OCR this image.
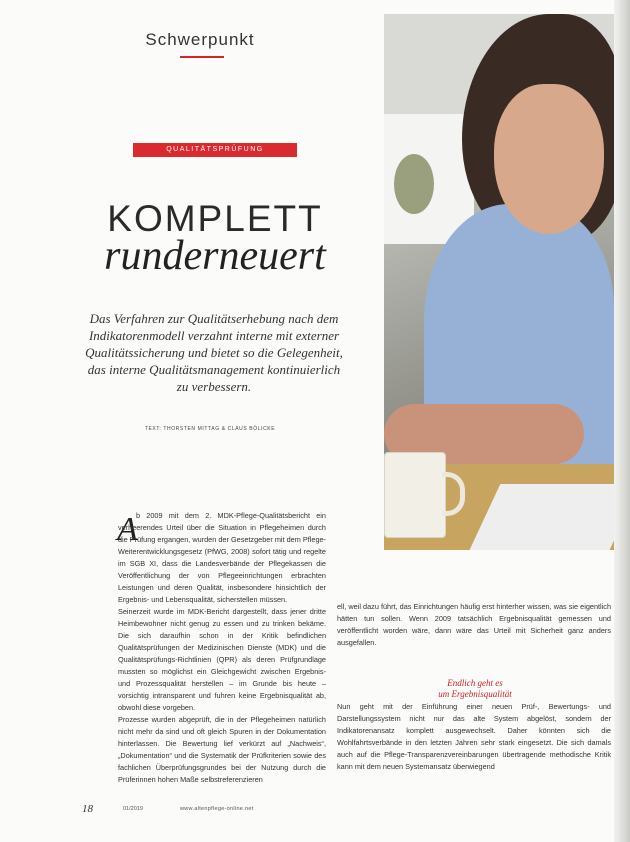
Schwerpunkt
QUALITÄTSPRÜFUNG
KOMPLETT
runderneuert
Das Verfahren zur Qualitätserhebung nach dem Indikatorenmodell verzahnt interne mit externer Qualitätssicherung und bietet so die Gelegenheit, das interne Qualitätsmanagement kontinuierlich zu verbessern.
TEXT: THORSTEN MITTAG & CLAUS BÖLICKE
A

b 2009 mit dem 2. MDK-Pflege-Qualitätsbericht ein verheerendes Urteil über die Situation in Pflegeheimen durch die Prüfung ergangen, wurden der Gesetzgeber mit dem Pflege-Weiterentwicklungsgesetz (PfWG, 2008) sofort tätig und regelte im SGB XI, dass die Landesverbände der Pflegekassen die Veröffentlichung der von Pflegeeinrichtungen erbrachten Leistungen und deren Qualität, insbesondere hinsichtlich der Ergebnis- und Lebensqualität, sicherstellen müssen.

Seinerzeit wurde im MDK-Bericht dargestellt, dass jener dritte Heimbewohner nicht genug zu essen und zu trinken bekäme. Die sich daraufhin schon in der Kritik befindlichen Qualitätsprüfungen der Medizinischen Dienste (MDK) und die Qualitätsprüfungs-Richtlinien (QPR) als deren Prüfgrundlage mussten so möglichst ein Gleichgewicht zwischen Ergebnis- und Prozessqualität herstellen – im Grunde bis heute – vorsichtig intransparent und fuhren keine Ergebnisqualität ab, obwohl diese vorgeben.

Prozesse wurden abgeprüft, die in der Pflegeheimen natürlich nicht mehr da sind und oft gleich Spuren in der Dokumentation hinterlassen. Die Bewertung lief verkürzt auf „Nachweis“, „Dokumentation“ und die Systematik der Prüfkriterien sowie des fachlichen Überprüfungsgrundes bei der Nutzung durch die Prüferinnen hohen Maße selbstreferenzieren

ell, weil dazu führt, das Einrichtungen häufig erst hinterher wissen, was sie eigentlich hätten tun sollen. Wenn 2009 tatsächlich Ergebnisqualität gemessen und veröffentlicht worden wäre, dann wäre das Urteil mit Sicherheit ganz anders ausgefallen.

Endlich geht es
um Ergebnisqualität

Nun geht mit der Einführung einer neuen Prüf-, Bewertungs- und Darstellungssystem nicht nur das alte System abgelöst, sondern der Indikatorenansatz komplett ausgewechselt. Daher könnten sich die Wohlfahrtsverbände in den letzten Jahren sehr stark eingesetzt. Die sich damals auch auf die Pflege-Transparenzvereinbarungen übertragende methodische Kritik kann mit dem neuen Systemansatz überwiegend

18	01/2019	www.altenpflege-online.net
